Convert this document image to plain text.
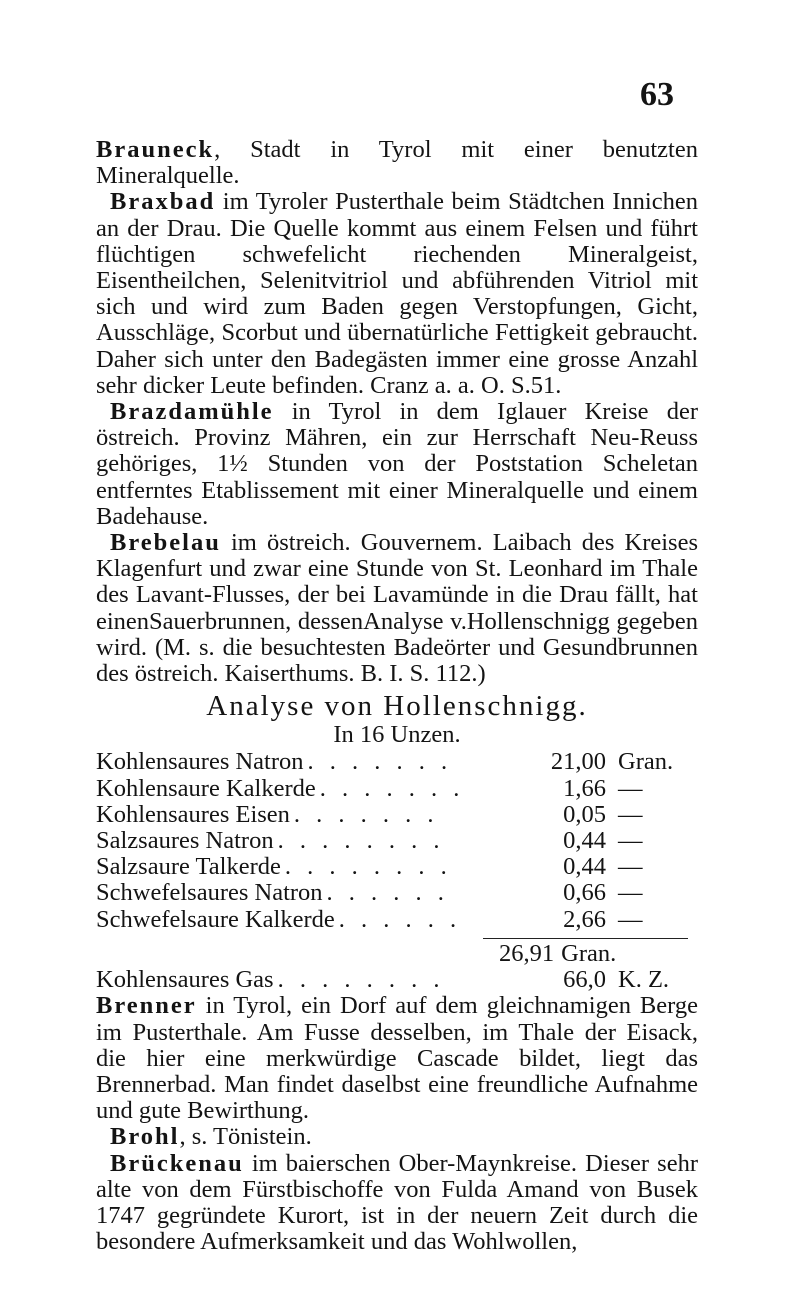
63

Brauneck, Stadt in Tyrol mit einer benutzten Mineralquelle.

Braxbad im Tyroler Pusterthale beim Städtchen Innichen an der Drau. Die Quelle kommt aus einem Felsen und führt flüchtigen schwefelicht riechenden Mineralgeist, Eisentheilchen, Selenitvitriol und abführenden Vitriol mit sich und wird zum Baden gegen Verstopfungen, Gicht, Ausschläge, Scorbut und übernatürliche Fettigkeit gebraucht. Daher sich unter den Badegästen immer eine grosse Anzahl sehr dicker Leute befinden. Cranz a. a. O. S.51.

Brazdamühle in Tyrol in dem Iglauer Kreise der östreich. Provinz Mähren, ein zur Herrschaft Neu-Reuss gehöriges, 1½ Stunden von der Poststation Scheletan entferntes Etablissement mit einer Mineralquelle und einem Badehause.

Brebelau im östreich. Gouvernem. Laibach des Kreises Klagenfurt und zwar eine Stunde von St. Leonhard im Thale des Lavant-Flusses, der bei Lavamünde in die Drau fällt, hat einenSauerbrunnen, dessenAnalyse v.Hollenschnigg gegeben wird. (M. s. die besuchtesten Badeörter und Gesundbrunnen des östreich. Kaiserthums. B. I. S. 112.)

Analyse von Hollenschnigg.
In 16 Unzen.
Kohlensaures Natron . . . . . . .	21,00 Gran.
Kohlensaure Kalkerde . . . . . . .	1,66 —
Kohlensaures Eisen . . . . . . .	0,05 —
Salzsaures Natron . . . . . . . .	0,44 —
Salzsaure Talkerde . . . . . . . .	0,44 —
Schwefelsaures Natron . . . . . .	0,66 —
Schwefelsaure Kalkerde . . . . . .	2,66 —
26,91 Gran.
Kohlensaures Gas . . . . . . . .	66,0 K. Z.

Brenner in Tyrol, ein Dorf auf dem gleichnamigen Berge im Pusterthale. Am Fusse desselben, im Thale der Eisack, die hier eine merkwürdige Cascade bildet, liegt das Brennerbad. Man findet daselbst eine freundliche Aufnahme und gute Bewirthung.

Brohl, s. Tönistein.

Brückenau im baierschen Ober-Maynkreise. Dieser sehr alte von dem Fürstbischoffe von Fulda Amand von Busek 1747 gegründete Kurort, ist in der neuern Zeit durch die besondere Aufmerksamkeit und das Wohlwollen,
